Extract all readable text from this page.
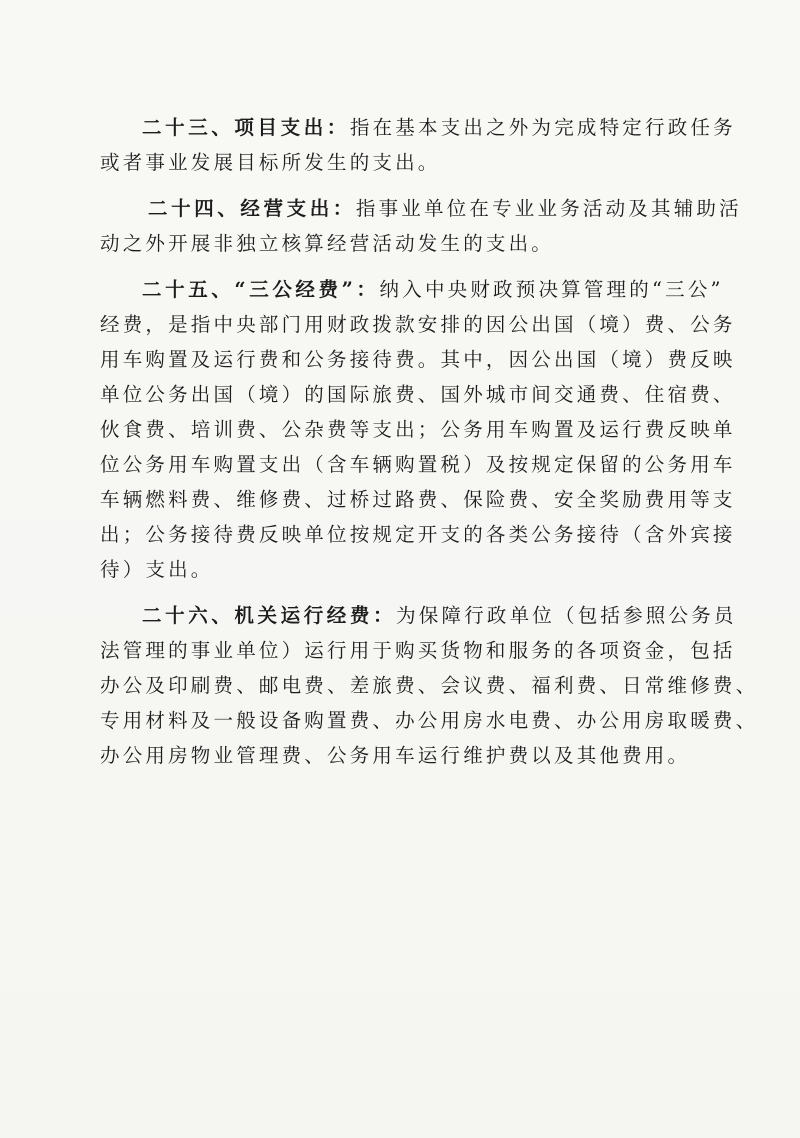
二十三、项目支出：指在基本支出之外为完成特定行政任务
或者事业发展目标所发生的支出。
二十四、经营支出：指事业单位在专业业务活动及其辅助活
动之外开展非独立核算经营活动发生的支出。
二十五、“三公经费”：纳入中央财政预决算管理的“三公”
经费，是指中央部门用财政拨款安排的因公出国（境）费、公务
用车购置及运行费和公务接待费。其中，因公出国（境）费反映
单位公务出国（境）的国际旅费、国外城市间交通费、住宿费、
伙食费、培训费、公杂费等支出；公务用车购置及运行费反映单
位公务用车购置支出（含车辆购置税）及按规定保留的公务用车
车辆燃料费、维修费、过桥过路费、保险费、安全奖励费用等支
出；公务接待费反映单位按规定开支的各类公务接待（含外宾接
待）支出。
二十六、机关运行经费：为保障行政单位（包括参照公务员
法管理的事业单位）运行用于购买货物和服务的各项资金，包括
办公及印刷费、邮电费、差旅费、会议费、福利费、日常维修费、
专用材料及一般设备购置费、办公用房水电费、办公用房取暖费、
办公用房物业管理费、公务用车运行维护费以及其他费用。
